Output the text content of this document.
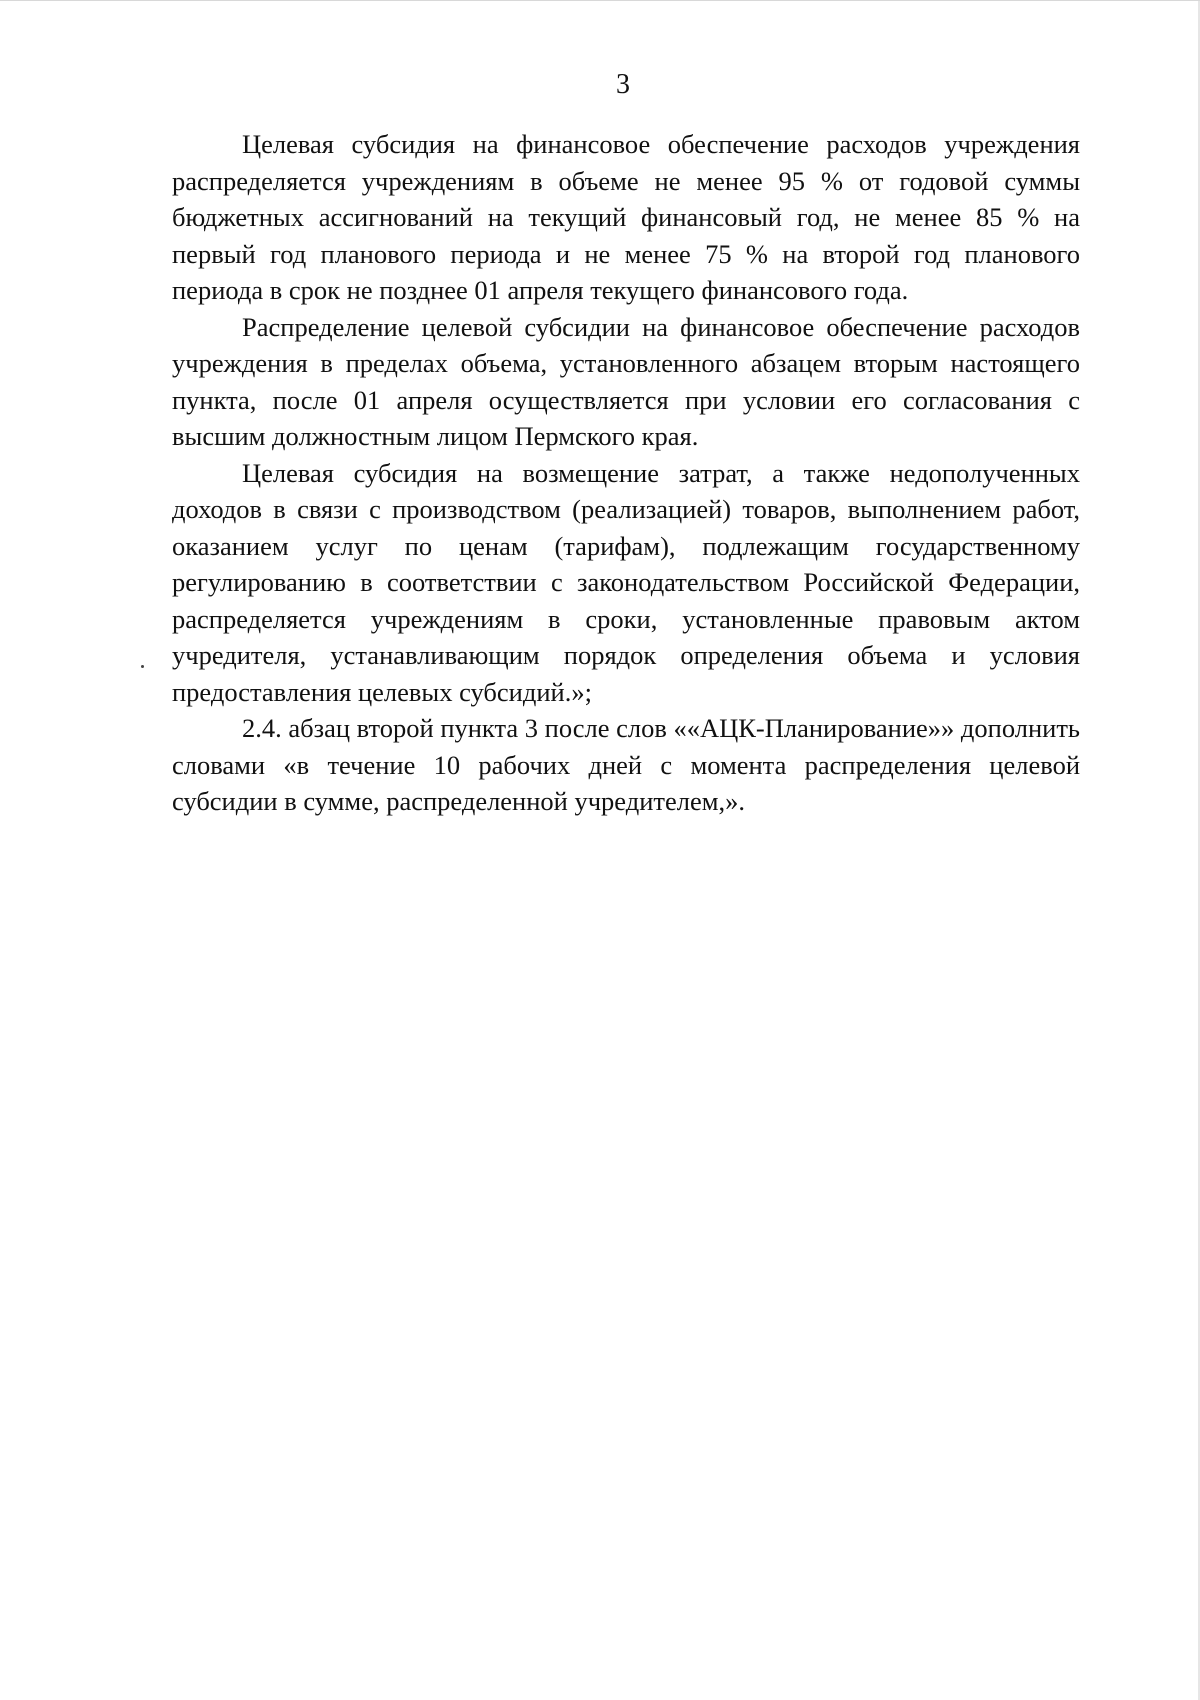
3

Целевая субсидия на финансовое обеспечение расходов учреждения распределяется учреждениям в объеме не менее 95 % от годовой суммы бюджетных ассигнований на текущий финансовый год, не менее 85 % на первый год планового периода и не менее 75 % на второй год планового периода в срок не позднее 01 апреля текущего финансового года.

Распределение целевой субсидии на финансовое обеспечение расходов учреждения в пределах объема, установленного абзацем вторым настоящего пункта, после 01 апреля осуществляется при условии его согласования с высшим должностным лицом Пермского края.

Целевая субсидия на возмещение затрат, а также недополученных доходов в связи с производством (реализацией) товаров, выполнением работ, оказанием услуг по ценам (тарифам), подлежащим государственному регулированию в соответствии с законодательством Российской Федерации, распределяется учреждениям в сроки, установленные правовым актом учредителя, устанавливающим порядок определения объема и условия предоставления целевых субсидий.»;

2.4. абзац второй пункта 3 после слов ««АЦК-Планирование»» дополнить словами «в течение 10 рабочих дней с момента распределения целевой субсидии в сумме, распределенной учредителем,».
